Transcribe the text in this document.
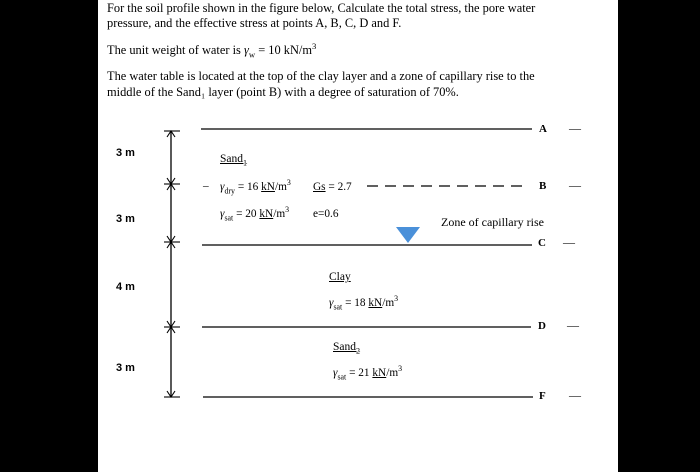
For the soil profile shown in the figure below, Calculate the total stress, the pore water
pressure, and the effective stress at points A, B, C, D and F.
The unit weight of water is $\gamma_w = 10$ $kN/m^3$
The water table is located at the top of the clay layer and a zone of capillary rise to the
middle of the Sand₁ layer (point B) with a degree of saturation of 70%.
3 m
3 m
4 m
3 m
A —
B —
C —
D —
F —
Sand$_1$
– $\gamma_{dry} = 16$ $kN/m^3$ Gs = 2.7
$\gamma_{sat} = 20$ $kN/m^3$ e=0.6
Zone of capillary rise
Clay
$\gamma_{sat} = 18$ $kN/m^3$
Sand$_2$
$\gamma_{sat} = 21$ $kN/m^3$
